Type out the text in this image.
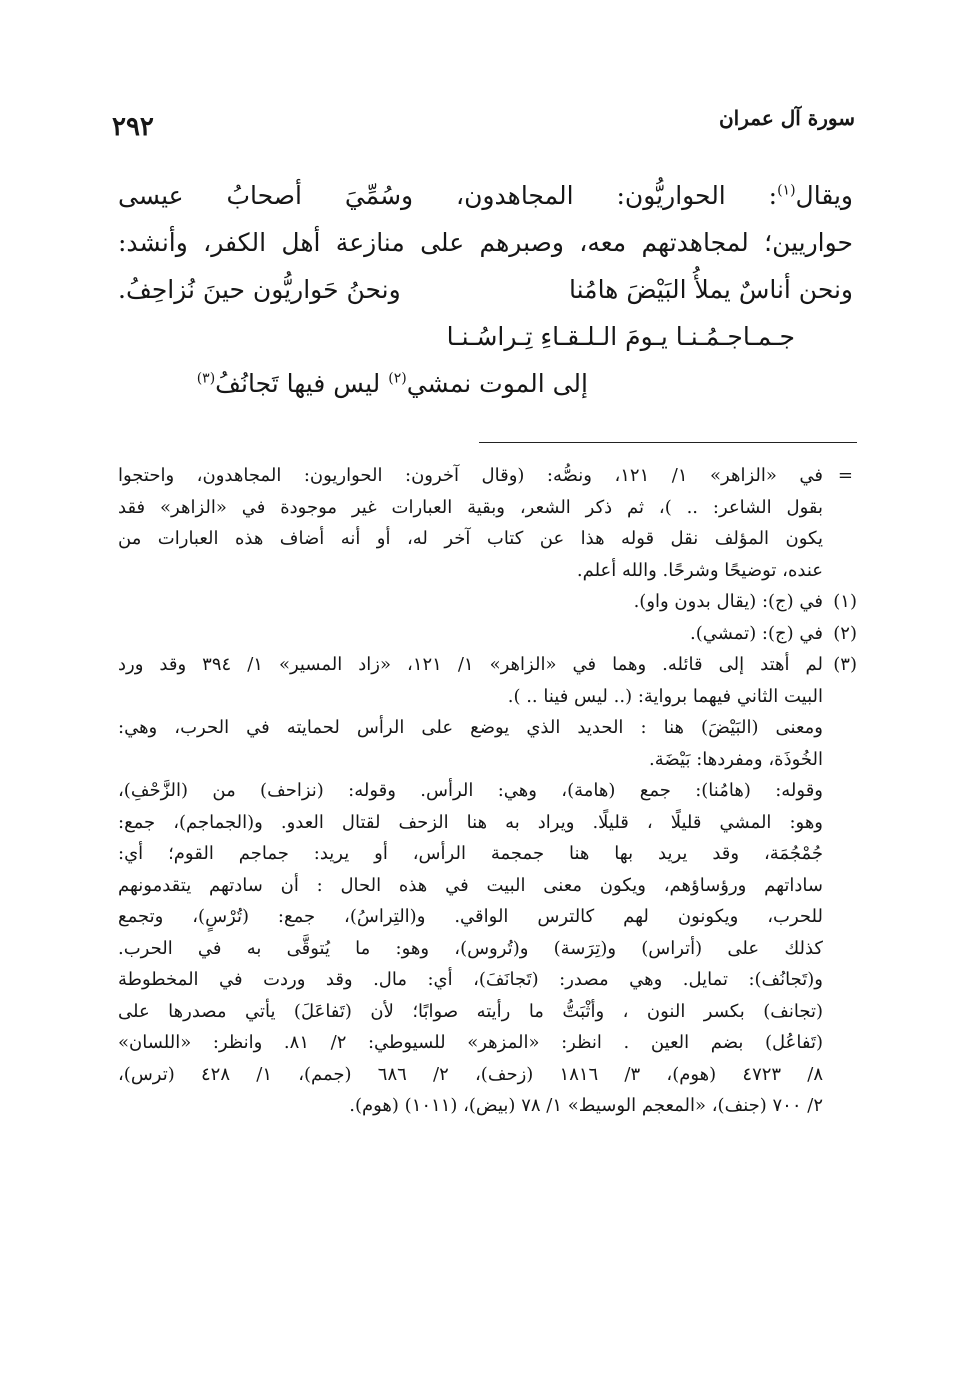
سورة آل عمران
٢٩٢

ويقال$^{(١)}$: الحواريُّون: المجاهدون، وسُمِّيَ أصحابُ عيسى

حواريين؛ لمجاهدتهم معه، وصبرهم على منازعة أهل الكفر، وأنشد:

ونحن أناسٌ يملأُ البَيْضَ هامُنا
ونحنُ حَواريُّون حينَ نُزاحِفُ.

جـمـاجـمُـنـا يـومَ الـلـقـاءِ تِـراسُـنـا

إلى الموت نمشي$^{(٢)}$ ليس فيها تَجانُفُ$^{(٣)}$

=

في «الزاهر» ١/ ١٢١، ونصُّه: (وقال آخرون: الحواريون: المجاهدون، واحتجوا

بقول الشاعر: .. )، ثم ذكر الشعر، وبقية العبارات غير موجودة في «الزاهر» فقد

يكون المؤلف نقل قوله هذا عن كتاب آخر له، أو أنه أضاف هذه العبارات من

عنده، توضيحًا وشرحًا. والله أعلم.

(١)

في (ج): (يقال بدون واو).

(٢)

في (ج): (تمشي).

(٣)

لم أهتد إلى قائله. وهما في «الزاهر» ١/ ١٢١، «زاد المسير» ١/ ٣٩٤ وقد ورد

البيت الثاني فيهما برواية: (.. ليس فينا .. ).

ومعنى (البَيْضَ) هنا : الحديد الذي يوضع على الرأس لحمايته في الحرب، وهي:

الخُوذَة، ومفردها: بَيْضَة.

وقوله: (هامُنا): جمع (هامة)، وهي: الرأس. وقوله: (نزاحف) من (الزَّحْفِ)،

وهو: المشي قليلًا ، قليلًا. ويراد به هنا الزحف لقتال العدو. و(الجماجم)، جمع:

جُمْجُمَة، وقد يريد بها هنا جمجمة الرأس، أو يريد: جماجم القوم؛ أي:

ساداتهم ورؤساؤهم، ويكون معنى البيت في هذه الحال : أن سادتهم يتقدمونهم

للحرب، ويكونون لهم كالترس الواقي. و(التِراسُ)، جمع: (تُرْسٍ)، وتجمع

كذلك على (أتراس) و(تِرَسة) و(تُروس)، وهو: ما يُتوقَّى به في الحرب.

و(تَجانُف): تمايل. وهي مصدر: (تَجانَفَ)، أي: مال. وقد وردت في المخطوطة

(تجانف) بكسر النون ، وأثْبَتُّ ما رأيته صوابًا؛ لأن (تَفاعَلَ) يأتي مصدرها على

(تَفاعُل) بضم العين . انظر: «المزهر» للسيوطي: ٢/ ٨١. وانظر: «اللسان»

٨/ ٤٧٢٣ (هوم)، ٣/ ١٨١٦ (زحف)، ٢/ ٦٨٦ (جمم)، ١/ ٤٢٨ (ترس)،

٢/ ٧٠٠ (جنف)، «المعجم الوسيط» ١/ ٧٨ (بيض)، (١٠١١) (هوم).
